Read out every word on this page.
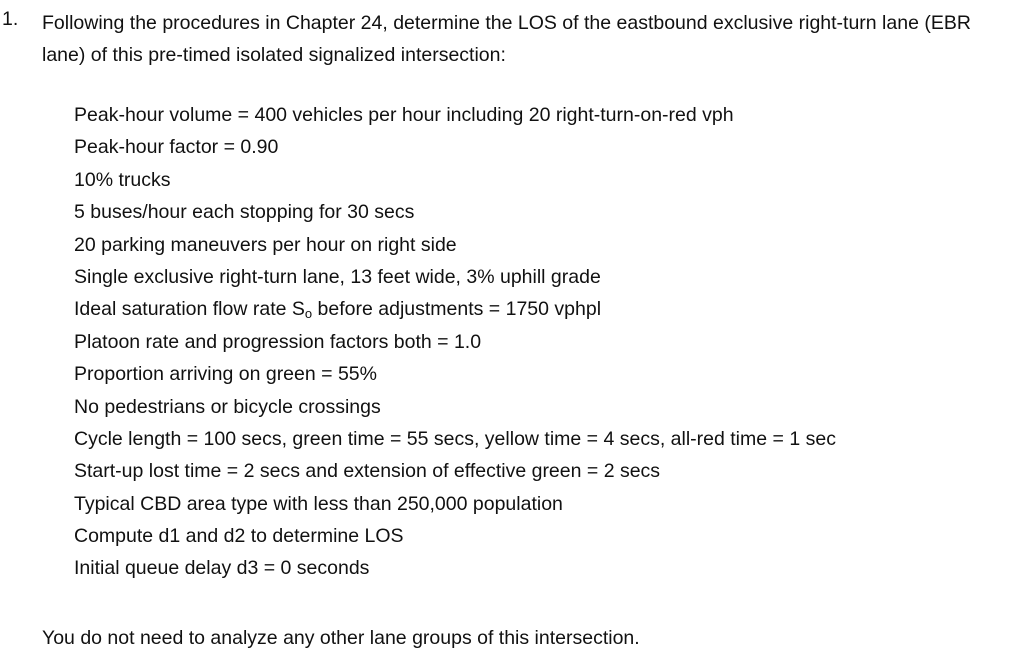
1. Following the procedures in Chapter 24, determine the LOS of the eastbound exclusive right-turn lane (EBR lane) of this pre-timed isolated signalized intersection:

Peak-hour volume = 400 vehicles per hour including 20 right-turn-on-red vph
Peak-hour factor = 0.90
10% trucks
5 buses/hour each stopping for 30 secs
20 parking maneuvers per hour on right side
Single exclusive right-turn lane, 13 feet wide, 3% uphill grade
Ideal saturation flow rate $S_o$ before adjustments = 1750 vphpl
Platoon rate and progression factors both = 1.0
Proportion arriving on green = 55%
No pedestrians or bicycle crossings
Cycle length = 100 secs, green time = 55 secs, yellow time = 4 secs, all-red time = 1 sec
Start-up lost time = 2 secs and extension of effective green = 2 secs
Typical CBD area type with less than 250,000 population
Compute d1 and d2 to determine LOS
Initial queue delay d3 = 0 seconds

You do not need to analyze any other lane groups of this intersection.
